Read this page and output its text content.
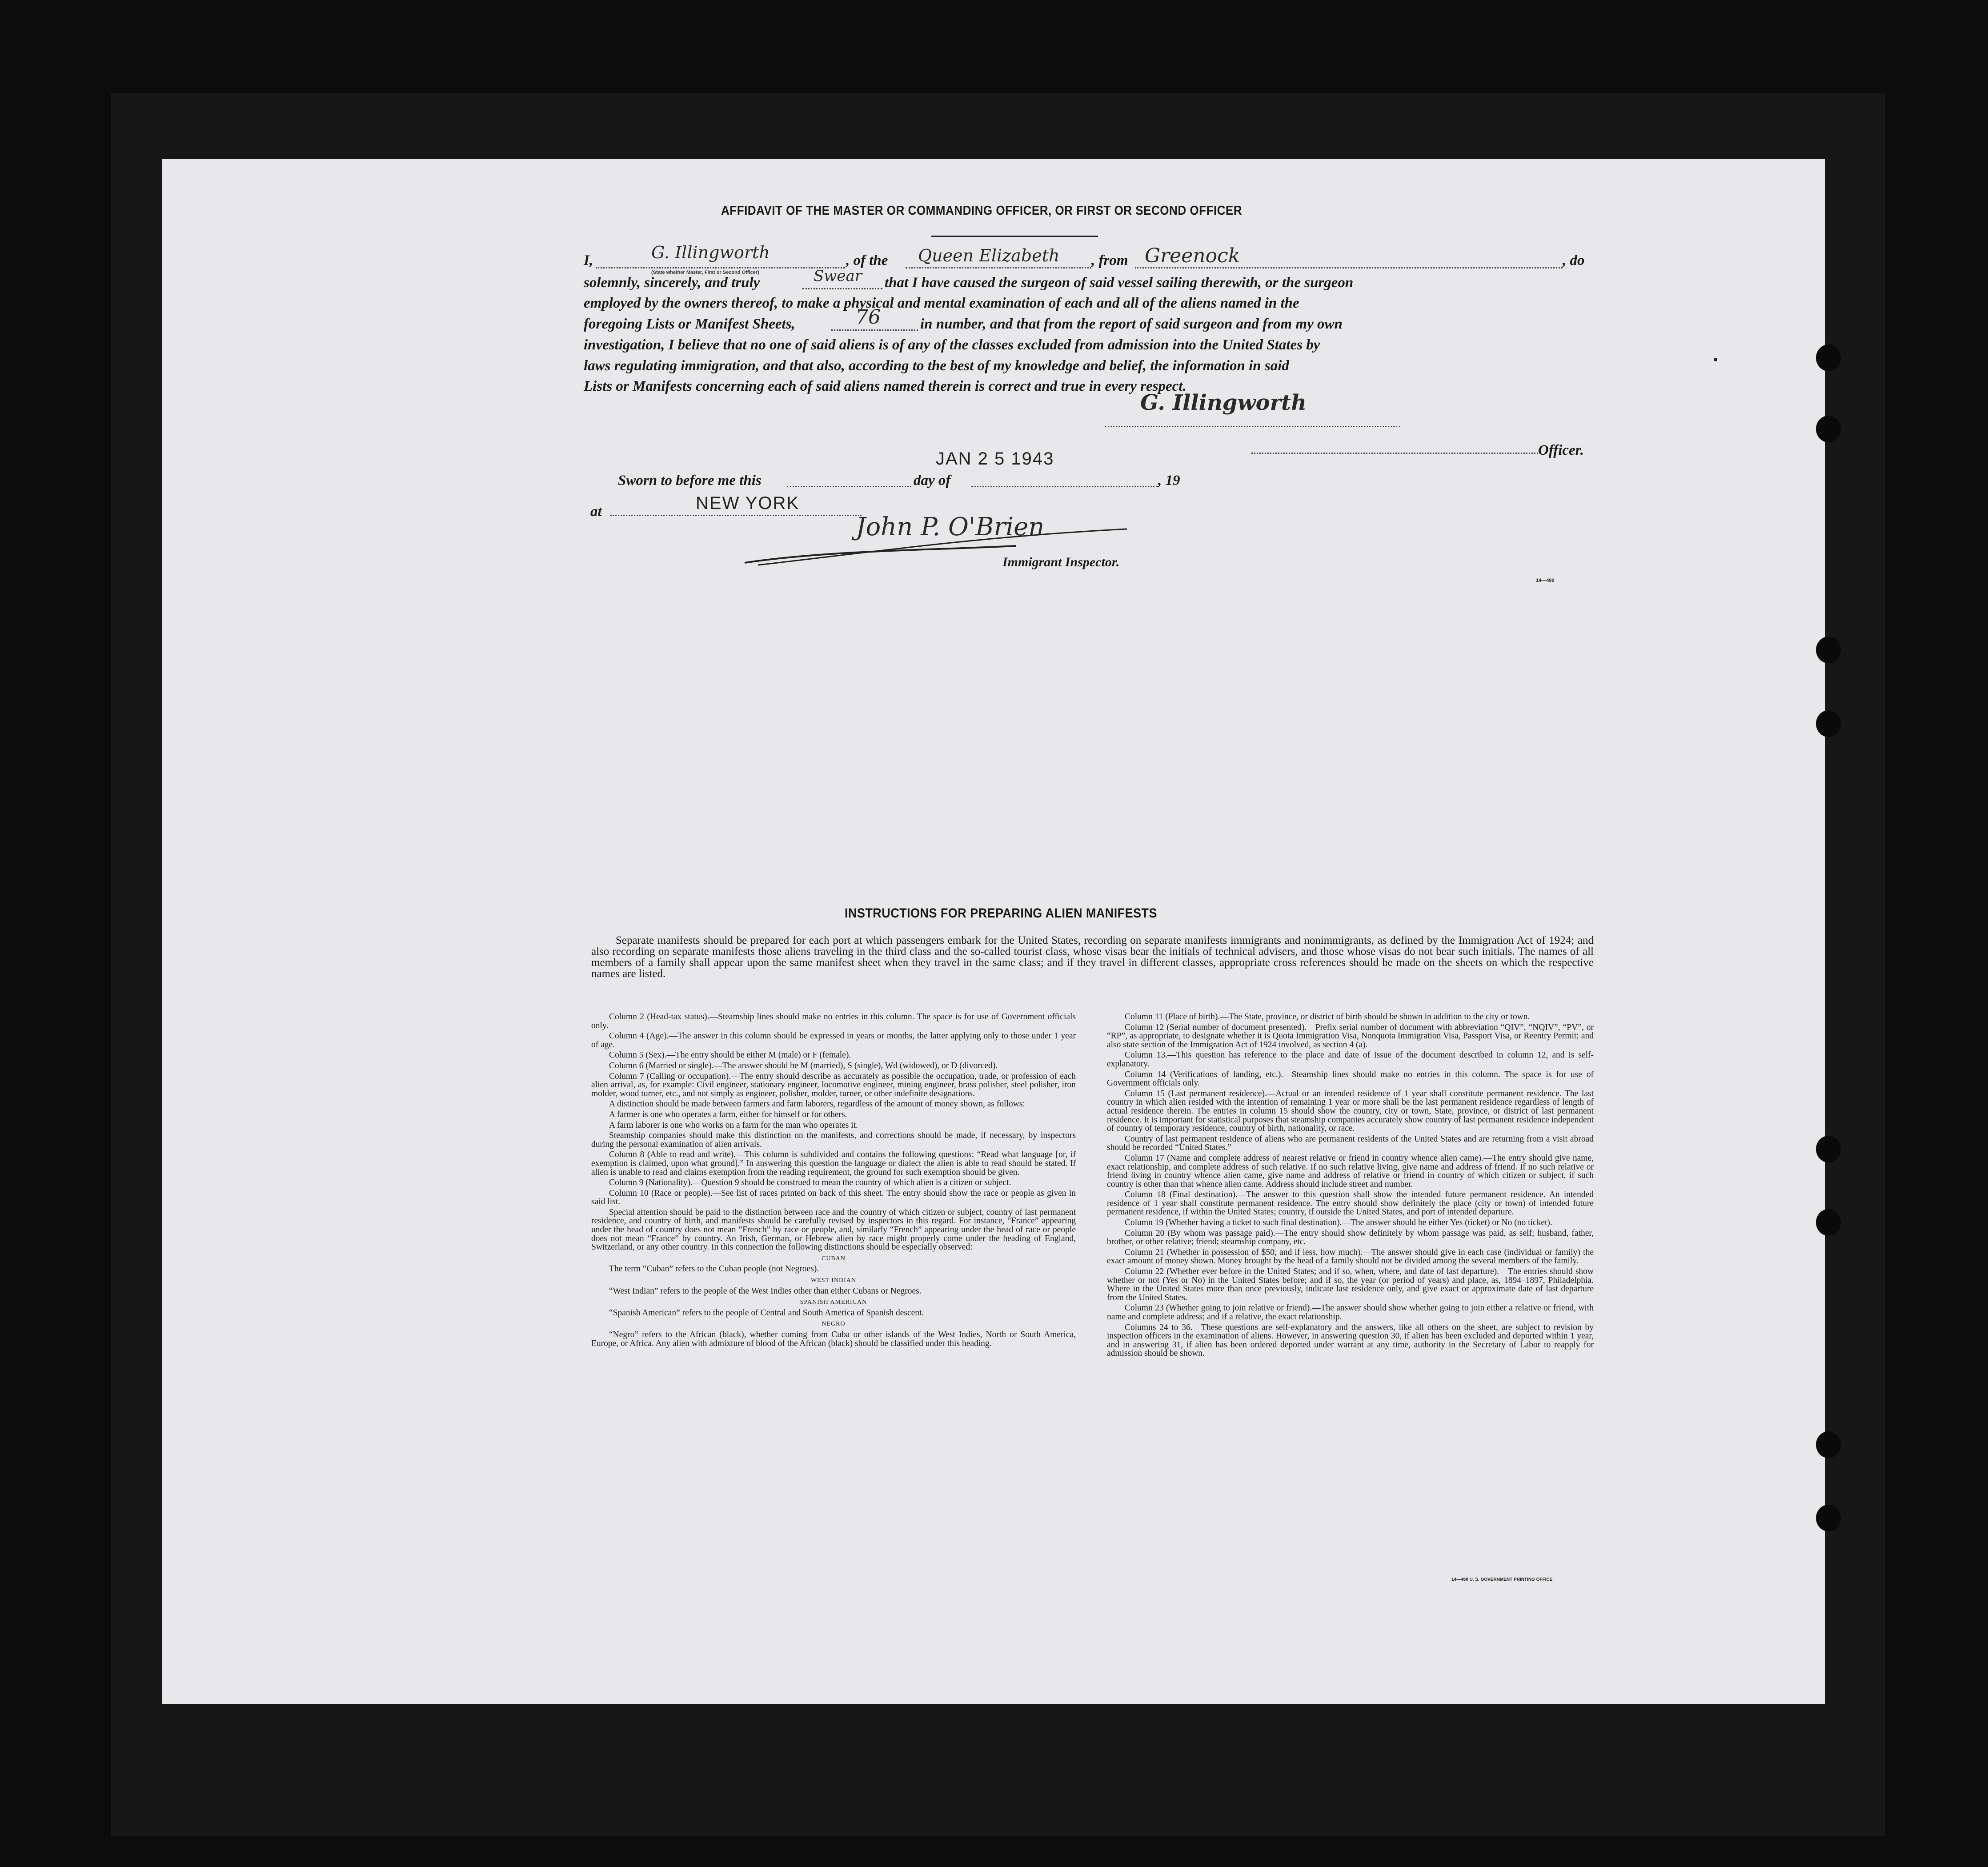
AFFIDAVIT OF THE MASTER OR COMMANDING OFFICER, OR FIRST OR SECOND OFFICER
I,	G. Illingworth
(State whether Master, First or Second Officer)
, of the Queen Elizabeth , from Greenock	, do
solemnly, sincerely, and truly	Swear that I have caused the surgeon of said vessel sailing therewith, or the surgeon
employed by the owners thereof, to make a physical and mental examination of each and all of the aliens named in the
foregoing Lists or Manifest Sheets,	76	in number, and that from the report of said surgeon and from my own
investigation, I believe that no one of said aliens is of any of the classes excluded from admission into the United States by
laws regulating immigration, and that also, according to the best of my knowledge and belief, the information in said
Lists or Manifests concerning each of said aliens named therein is correct and true in every respect.
G. Illingworth
Officer.
JAN 2 5 1943
Sworn to before me this	day of	, 19
at	NEW YORK
John P. O'Brien
Immigrant Inspector.
14—480
INSTRUCTIONS FOR PREPARING ALIEN MANIFESTS
Separate manifests should be prepared for each port at which passengers embark for the United States, recording on separate manifests immigrants and nonimmigrants, as defined by the Immigration Act of 1924; and also recording on separate manifests those aliens traveling in the third class and the so-called tourist class, whose visas bear the initials of technical advisers, and those whose visas do not bear such initials. The names of all members of a family shall appear upon the same manifest sheet when they travel in the same class; and if they travel in different classes, appropriate cross references should be made on the sheets on which the respective names are listed.

Column 2 (Head-tax status).—Steamship lines should make no entries in this column. The space is for use of Government officials only.

Column 4 (Age).—The answer in this column should be expressed in years or months, the latter applying only to those under 1 year of age.

Column 5 (Sex).—The entry should be either M (male) or F (female).

Column 6 (Married or single).—The answer should be M (married), S (single), Wd (widowed), or D (divorced).

Column 7 (Calling or occupation).—The entry should describe as accurately as possible the occupation, trade, or profession of each alien arrival, as, for example: Civil engineer, stationary engineer, locomotive engineer, mining engineer, brass polisher, steel polisher, iron molder, wood turner, etc., and not simply as engineer, polisher, molder, turner, or other indefinite designations.

A distinction should be made between farmers and farm laborers, regardless of the amount of money shown, as follows:

A farmer is one who operates a farm, either for himself or for others.

A farm laborer is one who works on a farm for the man who operates it.

Steamship companies should make this distinction on the manifests, and corrections should be made, if necessary, by inspectors during the personal examination of alien arrivals.

Column 8 (Able to read and write).—This column is subdivided and contains the following questions: “Read what language [or, if exemption is claimed, upon what ground].” In answering this question the language or dialect the alien is able to read should be stated. If alien is unable to read and claims exemption from the reading requirement, the ground for such exemption should be given.

Column 9 (Nationality).—Question 9 should be construed to mean the country of which alien is a citizen or subject.

Column 10 (Race or people).—See list of races printed on back of this sheet. The entry should show the race or people as given in said list.

Special attention should be paid to the distinction between race and the country of which citizen or subject, country of last permanent residence, and country of birth, and manifests should be carefully revised by inspectors in this regard. For instance, “France” appearing under the head of country does not mean “French” by race or people, and, similarly “French” appearing under the head of race or people does not mean “France” by country. An Irish, German, or Hebrew alien by race might properly come under the heading of England, Switzerland, or any other country. In this connection the following distinctions should be especially observed:

CUBAN

The term “Cuban” refers to the Cuban people (not Negroes).

WEST INDIAN

“West Indian” refers to the people of the West Indies other than either Cubans or Negroes.

SPANISH AMERICAN

“Spanish American” refers to the people of Central and South America of Spanish descent.

NEGRO

“Negro” refers to the African (black), whether coming from Cuba or other islands of the West Indies, North or South America, Europe, or Africa. Any alien with admixture of blood of the African (black) should be classified under this heading.

Column 11 (Place of birth).—The State, province, or district of birth should be shown in addition to the city or town.

Column 12 (Serial number of document presented).—Prefix serial number of document with abbreviation “QIV”, “NQIV”, “PV”, or “RP”, as appropriate, to designate whether it is Quota Immigration Visa, Nonquota Immigration Visa, Passport Visa, or Reentry Permit; and also state section of the Immigration Act of 1924 involved, as section 4 (a).

Column 13.—This question has reference to the place and date of issue of the document described in column 12, and is self-explanatory.

Column 14 (Verifications of landing, etc.).—Steamship lines should make no entries in this column. The space is for use of Government officials only.

Column 15 (Last permanent residence).—Actual or an intended residence of 1 year shall constitute permanent residence. The last country in which alien resided with the intention of remaining 1 year or more shall be the last permanent residence regardless of length of actual residence therein. The entries in column 15 should show the country, city or town, State, province, or district of last permanent residence. It is important for statistical purposes that steamship companies accurately show country of last permanent residence independent of country of temporary residence, country of birth, nationality, or race.

Country of last permanent residence of aliens who are permanent residents of the United States and are returning from a visit abroad should be recorded “United States.”

Column 17 (Name and complete address of nearest relative or friend in country whence alien came).—The entry should give name, exact relationship, and complete address of such relative. If no such relative living, give name and address of friend. If no such relative or friend living in country whence alien came, give name and address of relative or friend in country of which citizen or subject, if such country is other than that whence alien came. Address should include street and number.

Column 18 (Final destination).—The answer to this question shall show the intended future permanent residence. An intended residence of 1 year shall constitute permanent residence. The entry should show definitely the place (city or town) of intended future permanent residence, if within the United States; country, if outside the United States, and port of intended departure.

Column 19 (Whether having a ticket to such final destination).—The answer should be either Yes (ticket) or No (no ticket).

Column 20 (By whom was passage paid).—The entry should show definitely by whom passage was paid, as self; husband, father, brother, or other relative; friend; steamship company, etc.

Column 21 (Whether in possession of $50, and if less, how much).—The answer should give in each case (individual or family) the exact amount of money shown. Money brought by the head of a family should not be divided among the several members of the family.

Column 22 (Whether ever before in the United States; and if so, when, where, and date of last departure).—The entries should show whether or not (Yes or No) in the United States before; and if so, the year (or period of years) and place, as, 1894–1897, Philadelphia. Where in the United States more than once previously, indicate last residence only, and give exact or approximate date of last departure from the United States.

Column 23 (Whether going to join relative or friend).—The answer should show whether going to join either a relative or friend, with name and complete address; and if a relative, the exact relationship.

Columns 24 to 36.—These questions are self-explanatory and the answers, like all others on the sheet, are subject to revision by inspection officers in the examination of aliens. However, in answering question 30, if alien has been excluded and deported within 1 year, and in answering 31, if alien has been ordered deported under warrant at any time, authority in the Secretary of Labor to reapply for admission should be shown.

14—480 U. S. GOVERNMENT PRINTING OFFICE
